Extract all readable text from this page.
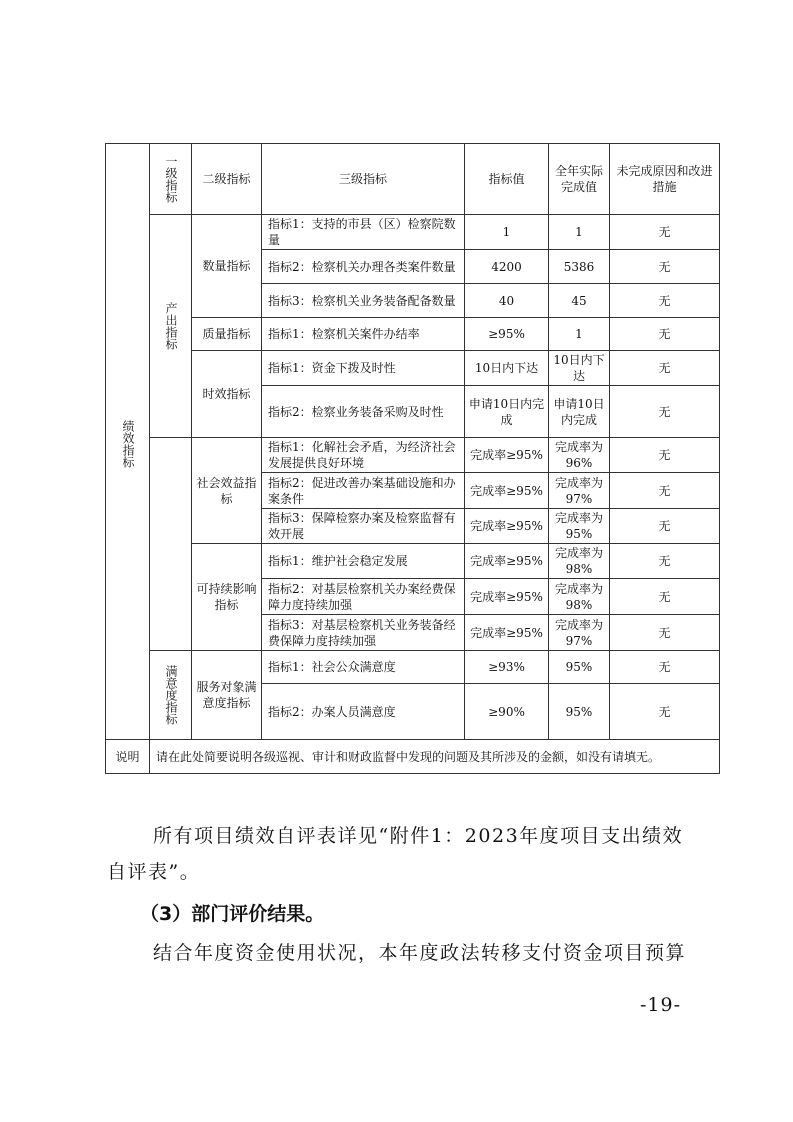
绩效指标	一级指标	二级指标	三级指标	指标值	全年实际完成值	未完成原因和改进措施
	产出指标	数量指标	指标1：支持的市县（区）检察院数量	1	1	无
			指标2：检察机关办理各类案件数量	4200	5386	无
			指标3：检察机关业务装备配备数量	40	45	无
		质量指标	指标1：检察机关案件办结率	≥95%	1	无
		时效指标	指标1：资金下拨及时性	10日内下达	10日内下达	无
			指标2：检察业务装备采购及时性	申请10日内完成	申请10日内完成	无
		社会效益指标	指标1：化解社会矛盾，为经济社会发展提供良好环境	完成率≥95%	完成率为96%	无
			指标2：促进改善办案基础设施和办案条件	完成率≥95%	完成率为97%	无
			指标3：保障检察办案及检察监督有效开展	完成率≥95%	完成率为95%	无
		可持续影响指标	指标1：维护社会稳定发展	完成率≥95%	完成率为98%	无
			指标2：对基层检察机关办案经费保障力度持续加强	完成率≥95%	完成率为98%	无
			指标3：对基层检察机关业务装备经费保障力度持续加强	完成率≥95%	完成率为97%	无
	满意度指标	服务对象满意度指标	指标1：社会公众满意度	≥93%	95%	无
			指标2：办案人员满意度	≥90%	95%	无
说明	请在此处简要说明各级巡视、审计和财政监督中发现的问题及其所涉及的金额，如没有请填无。					

所有项目绩效自评表详见“附件1：2023年度项目支出绩效自评表”。

（3）部门评价结果。

结合年度资金使用状况，本年度政法转移支付资金项目预算

-19-
